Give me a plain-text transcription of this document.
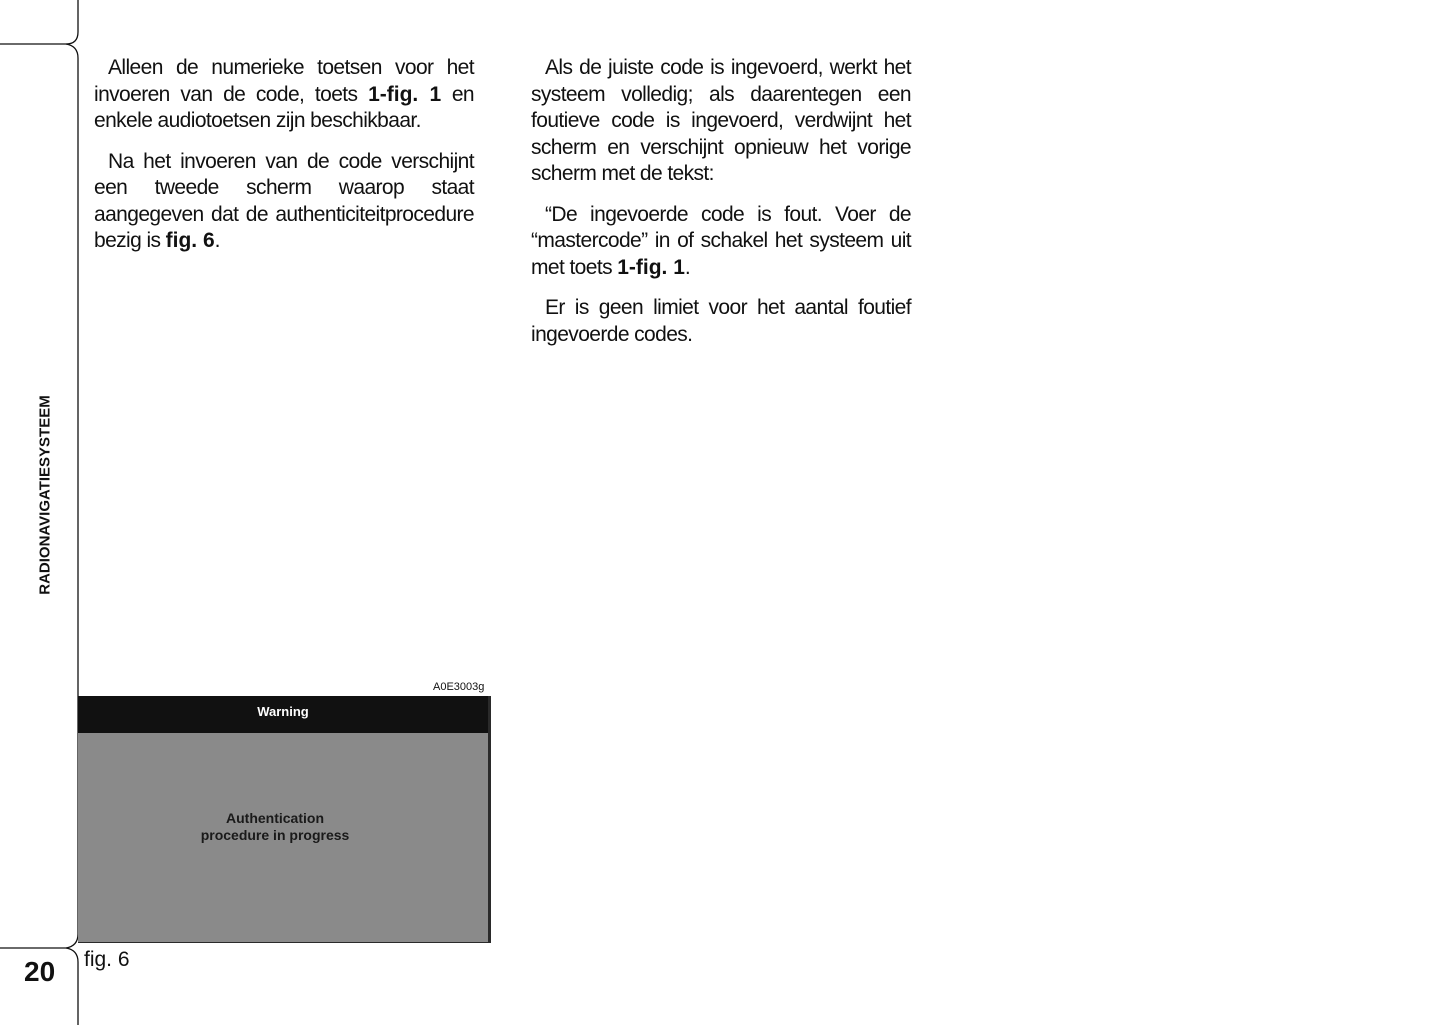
RADIONAVIGATIESYSTEEM
20

Alleen de numerieke toetsen voor het invoeren van de code, toets 1-fig. 1 en enkele audiotoetsen zijn beschikbaar.

Na het invoeren van de code verschijnt een tweede scherm waarop staat aangegeven dat de authenticiteitprocedure bezig is fig. 6.

Als de juiste code is ingevoerd, werkt het systeem volledig; als daarentegen een foutieve code is ingevoerd, verdwijnt het scherm en verschijnt opnieuw het vorige scherm met de tekst:

“De ingevoerde code is fout. Voer de “mastercode” in of schakel het systeem uit met toets 1-fig. 1.

Er is geen limiet voor het aantal foutief ingevoerde codes.

A0E3003g
Warning
Authentication
procedure in progress
fig. 6
